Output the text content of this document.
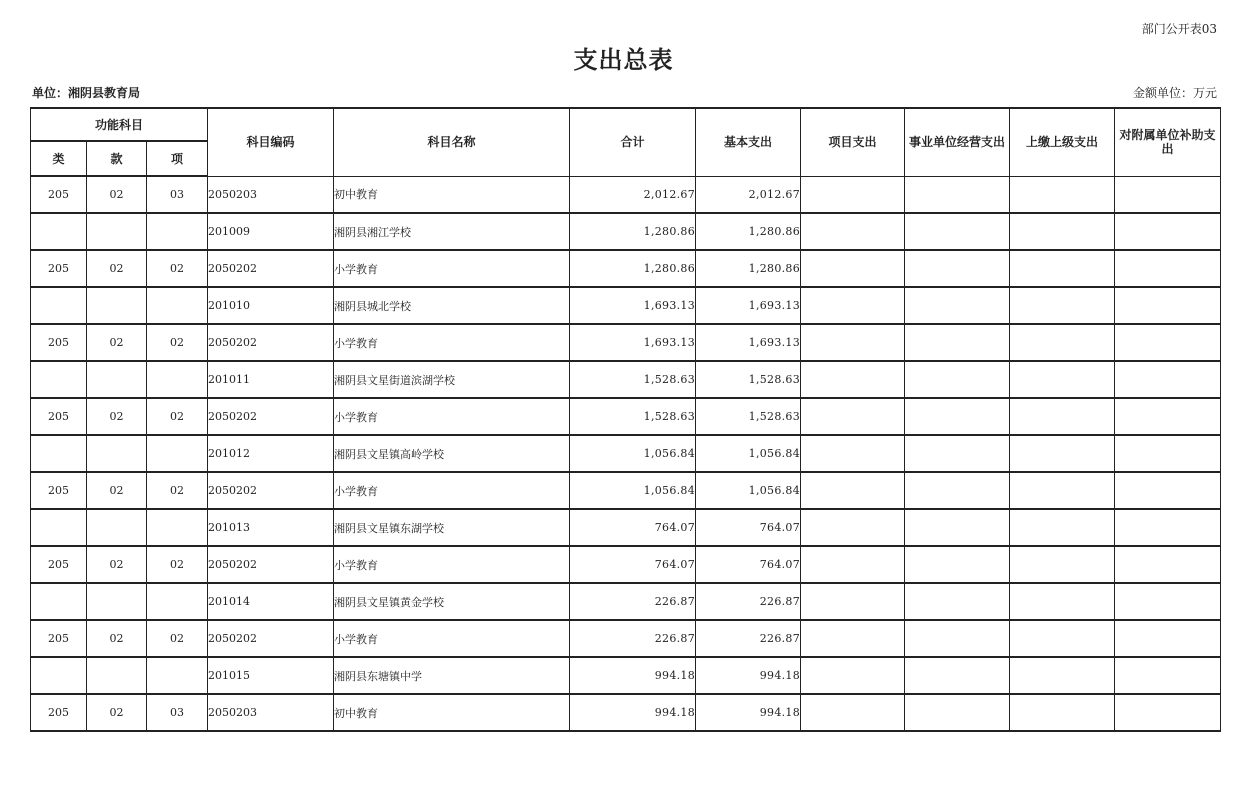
部门公开表03
支出总表
单位：湘阴县教育局	金额单位：万元
功能科目			科目编码	科目名称	合计	基本支出	项目支出	事业单位经营支出	上缴上级支出	对附属单位补助支出
类	款	项								
205	02	03	2050203	初中教育	2,012.67	2,012.67				
			201009	湘阴县湘江学校	1,280.86	1,280.86				
205	02	02	2050202	小学教育	1,280.86	1,280.86				
			201010	湘阴县城北学校	1,693.13	1,693.13				
205	02	02	2050202	小学教育	1,693.13	1,693.13				
			201011	湘阴县文星街道滨湖学校	1,528.63	1,528.63				
205	02	02	2050202	小学教育	1,528.63	1,528.63				
			201012	湘阴县文星镇高岭学校	1,056.84	1,056.84				
205	02	02	2050202	小学教育	1,056.84	1,056.84				
			201013	湘阴县文星镇东湖学校	764.07	764.07				
205	02	02	2050202	小学教育	764.07	764.07				
			201014	湘阴县文星镇黄金学校	226.87	226.87				
205	02	02	2050202	小学教育	226.87	226.87				
			201015	湘阴县东塘镇中学	994.18	994.18				
205	02	03	2050203	初中教育	994.18	994.18				
